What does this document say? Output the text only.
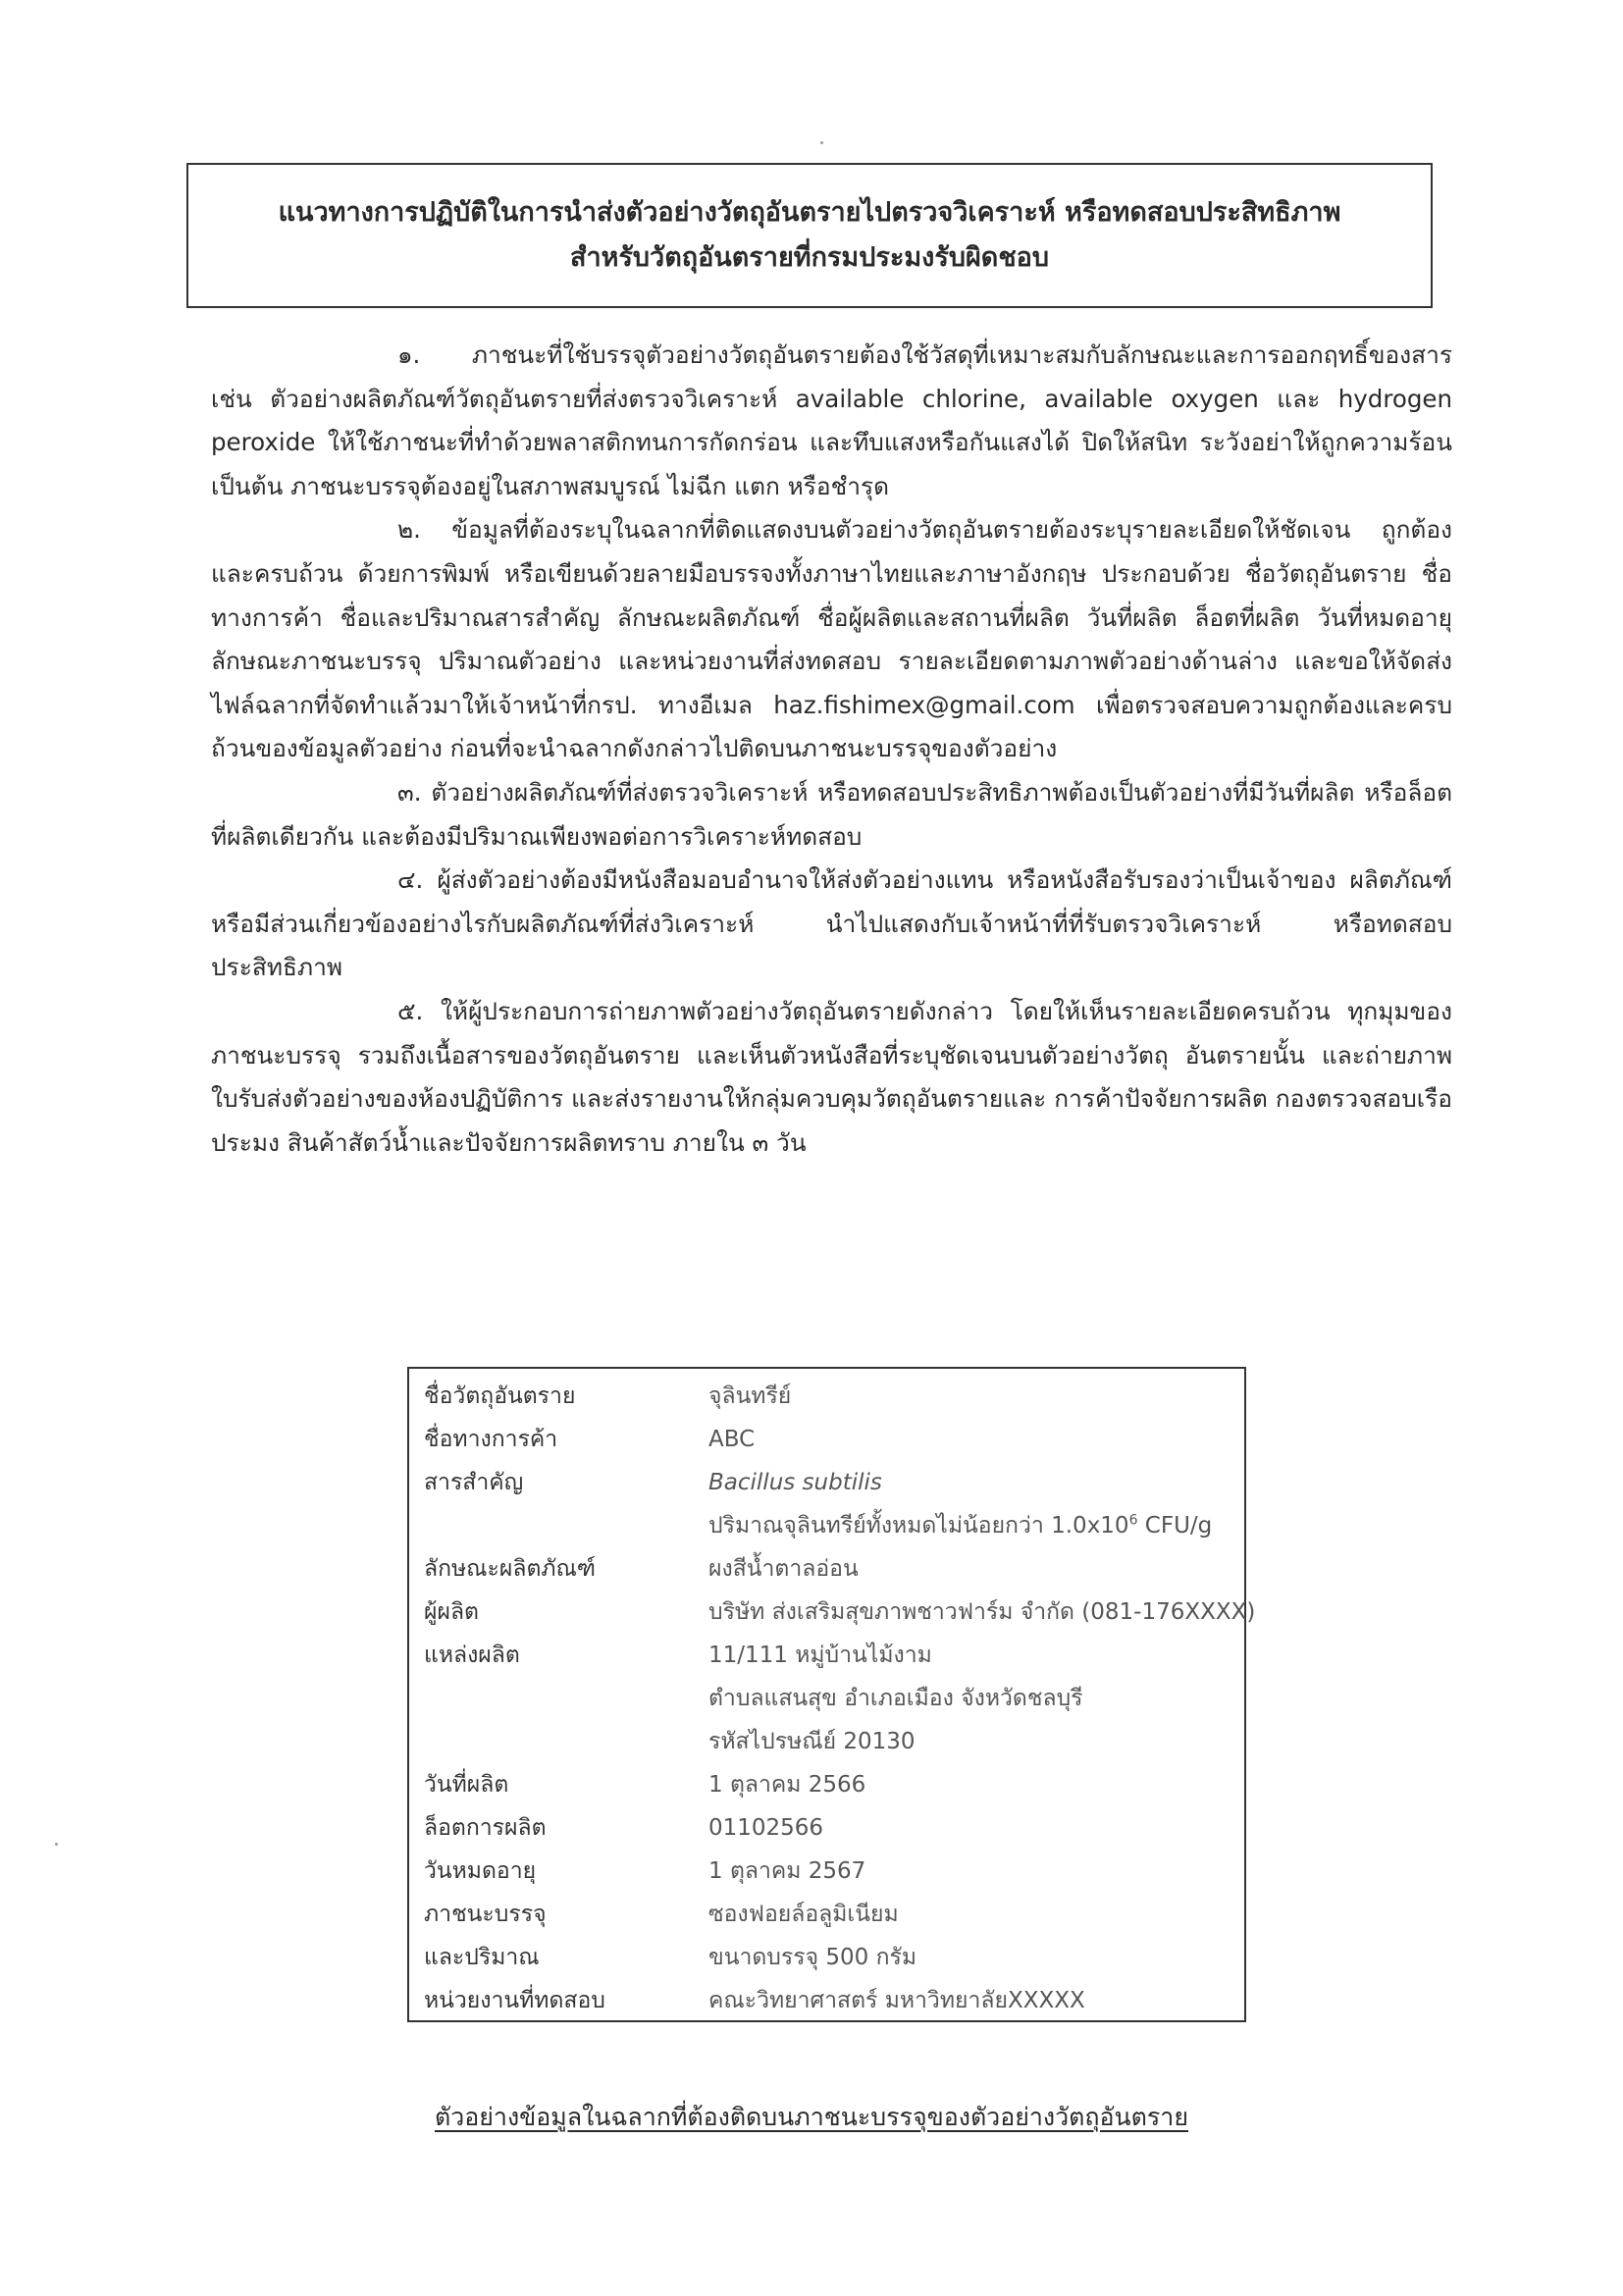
แนวทางการปฏิบัติในการนำส่งตัวอย่างวัตถุอันตรายไปตรวจวิเคราะห์ หรือทดสอบประสิทธิภาพ
สำหรับวัตถุอันตรายที่กรมประมงรับผิดชอบ

๑. ภาชนะที่ใช้บรรจุตัวอย่างวัตถุอันตรายต้องใช้วัสดุที่เหมาะสมกับลักษณะและการออกฤทธิ์ของสาร เช่น ตัวอย่างผลิตภัณฑ์วัตถุอันตรายที่ส่งตรวจวิเคราะห์ available chlorine, available oxygen และ hydrogen peroxide ให้ใช้ภาชนะที่ทำด้วยพลาสติกทนการกัดกร่อน และทึบแสงหรือกันแสงได้ ปิดให้สนิท ระวังอย่าให้ถูกความร้อน เป็นต้น ภาชนะบรรจุต้องอยู่ในสภาพสมบูรณ์ ไม่ฉีก แตก หรือชำรุด

๒. ข้อมูลที่ต้องระบุในฉลากที่ติดแสดงบนตัวอย่างวัตถุอันตรายต้องระบุรายละเอียดให้ชัดเจน ถูกต้อง และครบถ้วน ด้วยการพิมพ์ หรือเขียนด้วยลายมือบรรจงทั้งภาษาไทยและภาษาอังกฤษ ประกอบด้วย ชื่อวัตถุอันตราย ชื่อทางการค้า ชื่อและปริมาณสารสำคัญ ลักษณะผลิตภัณฑ์ ชื่อผู้ผลิตและสถานที่ผลิต วันที่ผลิต ล็อตที่ผลิต วันที่หมดอายุ ลักษณะภาชนะบรรจุ ปริมาณตัวอย่าง และหน่วยงานที่ส่งทดสอบ รายละเอียดตามภาพตัวอย่างด้านล่าง และขอให้จัดส่งไฟล์ฉลากที่จัดทำแล้วมาให้เจ้าหน้าที่กรป. ทางอีเมล haz.fishimex@gmail.com เพื่อตรวจสอบความถูกต้องและครบถ้วนของข้อมูลตัวอย่าง ก่อนที่จะนำฉลากดังกล่าวไปติดบนภาชนะบรรจุของตัวอย่าง

๓. ตัวอย่างผลิตภัณฑ์ที่ส่งตรวจวิเคราะห์ หรือทดสอบประสิทธิภาพต้องเป็นตัวอย่างที่มีวันที่ผลิต หรือล็อตที่ผลิตเดียวกัน และต้องมีปริมาณเพียงพอต่อการวิเคราะห์ทดสอบ

๔. ผู้ส่งตัวอย่างต้องมีหนังสือมอบอำนาจให้ส่งตัวอย่างแทน หรือหนังสือรับรองว่าเป็นเจ้าของ ผลิตภัณฑ์ หรือมีส่วนเกี่ยวข้องอย่างไรกับผลิตภัณฑ์ที่ส่งวิเคราะห์ นำไปแสดงกับเจ้าหน้าที่ที่รับตรวจวิเคราะห์ หรือทดสอบประสิทธิภาพ

๕. ให้ผู้ประกอบการถ่ายภาพตัวอย่างวัตถุอันตรายดังกล่าว โดยให้เห็นรายละเอียดครบถ้วน ทุกมุมของภาชนะบรรจุ รวมถึงเนื้อสารของวัตถุอันตราย และเห็นตัวหนังสือที่ระบุชัดเจนบนตัวอย่างวัตถุ อันตรายนั้น และถ่ายภาพใบรับส่งตัวอย่างของห้องปฏิบัติการ และส่งรายงานให้กลุ่มควบคุมวัตถุอันตรายและ การค้าปัจจัยการผลิต กองตรวจสอบเรือประมง สินค้าสัตว์น้ำและปัจจัยการผลิตทราบ ภายใน ๓ วัน

ชื่อวัตถุอันตราย	จุลินทรีย์
ชื่อทางการค้า	ABC
สารสำคัญ	Bacillus subtilis
ปริมาณจุลินทรีย์ทั้งหมดไม่น้อยกว่า $1.0x10^6$ CFU/g
ลักษณะผลิตภัณฑ์	ผงสีน้ำตาลอ่อน
ผู้ผลิต	บริษัท ส่งเสริมสุขภาพชาวฟาร์ม จำกัด (081-176XXXX)
แหล่งผลิต	11/111 หมู่บ้านไม้งาม
ตำบลแสนสุข อำเภอเมือง จังหวัดชลบุรี
รหัสไปรษณีย์ 20130
วันที่ผลิต	1 ตุลาคม 2566
ล็อตการผลิต	01102566
วันหมดอายุ	1 ตุลาคม 2567
ภาชนะบรรจุ	ซองฟอยล์อลูมิเนียม
และปริมาณ	ขนาดบรรจุ 500 กรัม
หน่วยงานที่ทดสอบ	คณะวิทยาศาสตร์ มหาวิทยาลัยXXXXX
ตัวอย่างข้อมูลในฉลากที่ต้องติดบนภาชนะบรรจุของตัวอย่างวัตถุอันตราย
